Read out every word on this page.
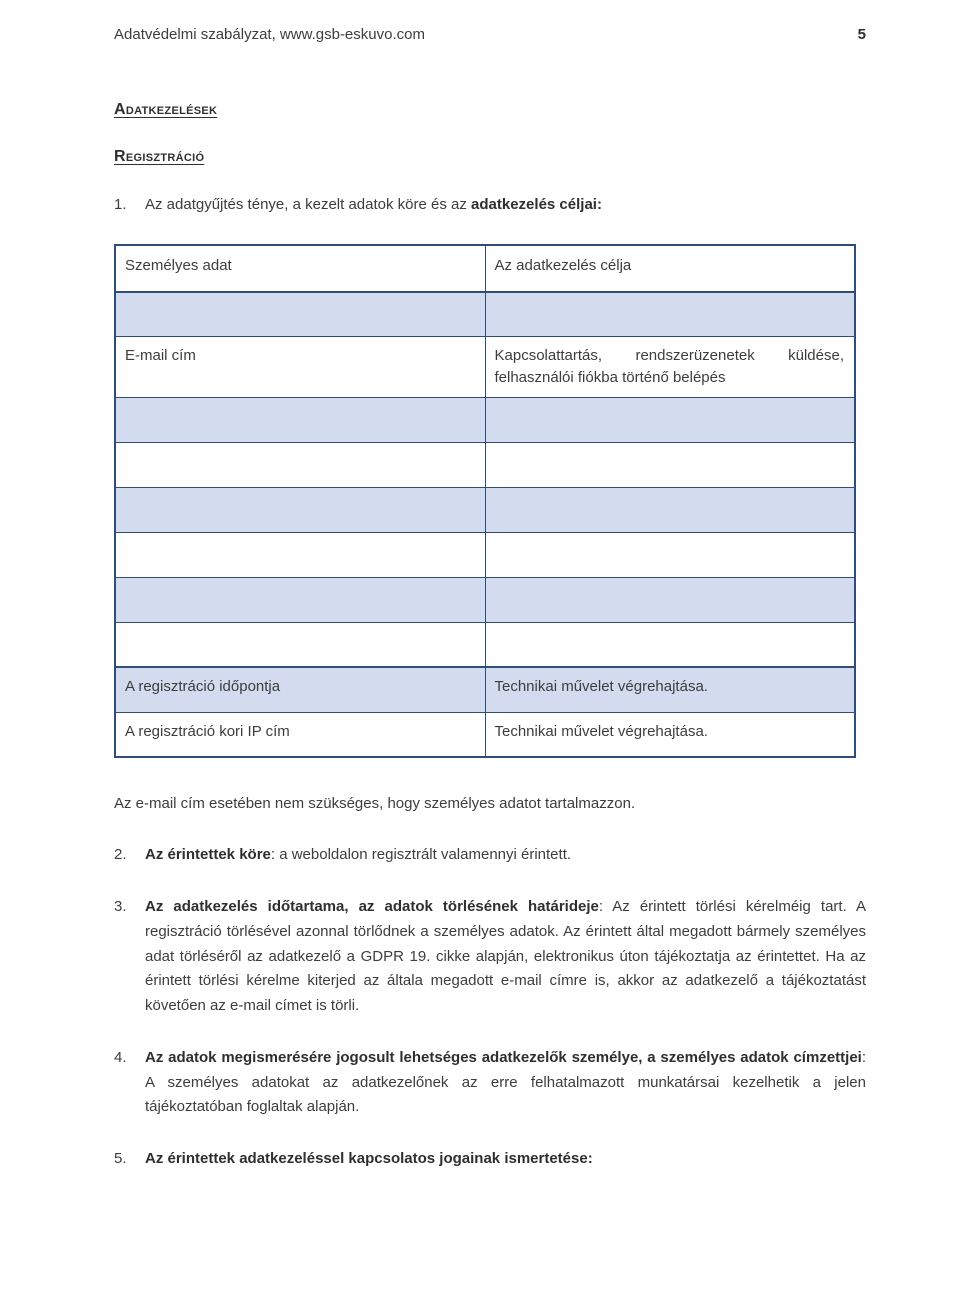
Adatvédelmi szabályzat, www.gsb-eskuvo.com	5
Adatkezelések
Regisztráció
1.	Az adatgyűjtés ténye, a kezelt adatok köre és az adatkezelés céljai:
Személyes adat	Az adatkezelés célja

E-mail cím	Kapcsolattartás, rendszerüzenetek küldése, felhasználói fiókba történő belépés

A regisztráció időpontja	Technikai művelet végrehajtása.
A regisztráció kori IP cím	Technikai művelet végrehajtása.

Az e-mail cím esetében nem szükséges, hogy személyes adatot tartalmazzon.

2.	Az érintettek köre: a weboldalon regisztrált valamennyi érintett.
3.	Az adatkezelés időtartama, az adatok törlésének határideje: Az érintett törlési kérelméig tart. A regisztráció törlésével azonnal törlődnek a személyes adatok. Az érintett által megadott bármely személyes adat törléséről az adatkezelő a GDPR 19. cikke alapján, elektronikus úton tájékoztatja az érintettet. Ha az érintett törlési kérelme kiterjed az általa megadott e-mail címre is, akkor az adatkezelő a tájékoztatást követően az e-mail címet is törli.
4.	Az adatok megismerésére jogosult lehetséges adatkezelők személye, a személyes adatok címzettjei: A személyes adatokat az adatkezelőnek az erre felhatalmazott munkatársai kezelhetik a jelen tájékoztatóban foglaltak alapján.
5.	Az érintettek adatkezeléssel kapcsolatos jogainak ismertetése:
